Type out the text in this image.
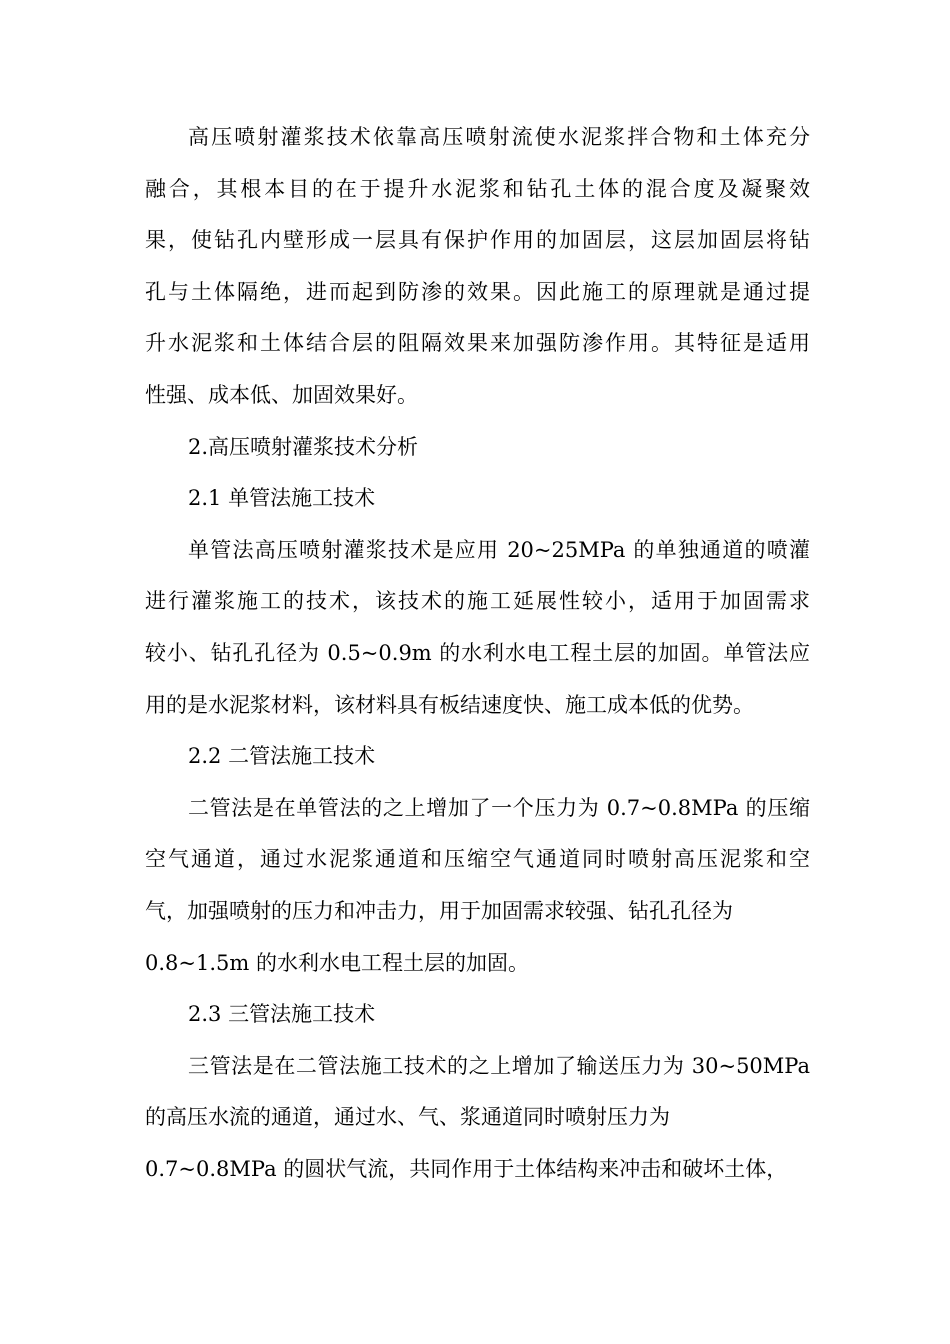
高压喷射灌浆技术依靠高压喷射流使水泥浆拌合物和土体充分
融合，其根本目的在于提升水泥浆和钻孔土体的混合度及凝聚效
果，使钻孔内壁形成一层具有保护作用的加固层，这层加固层将钻
孔与土体隔绝，进而起到防渗的效果。因此施工的原理就是通过提
升水泥浆和土体结合层的阻隔效果来加强防渗作用。其特征是适用
性强、成本低、加固效果好。
2.高压喷射灌浆技术分析
2.1 单管法施工技术
单管法高压喷射灌浆技术是应用 20~25MPa 的单独通道的喷灌
进行灌浆施工的技术，该技术的施工延展性较小，适用于加固需求
较小、钻孔孔径为 0.5~0.9m 的水利水电工程土层的加固。单管法应
用的是水泥浆材料，该材料具有板结速度快、施工成本低的优势。
2.2 二管法施工技术
二管法是在单管法的之上增加了一个压力为 0.7~0.8MPa 的压缩
空气通道，通过水泥浆通道和压缩空气通道同时喷射高压泥浆和空
气，加强喷射的压力和冲击力，用于加固需求较强、钻孔孔径为
0.8~1.5m 的水利水电工程土层的加固。
2.3 三管法施工技术
三管法是在二管法施工技术的之上增加了输送压力为 30~50MPa
的高压水流的通道，通过水、气、浆通道同时喷射压力为
0.7~0.8MPa 的圆状气流，共同作用于土体结构来冲击和破坏土体，
